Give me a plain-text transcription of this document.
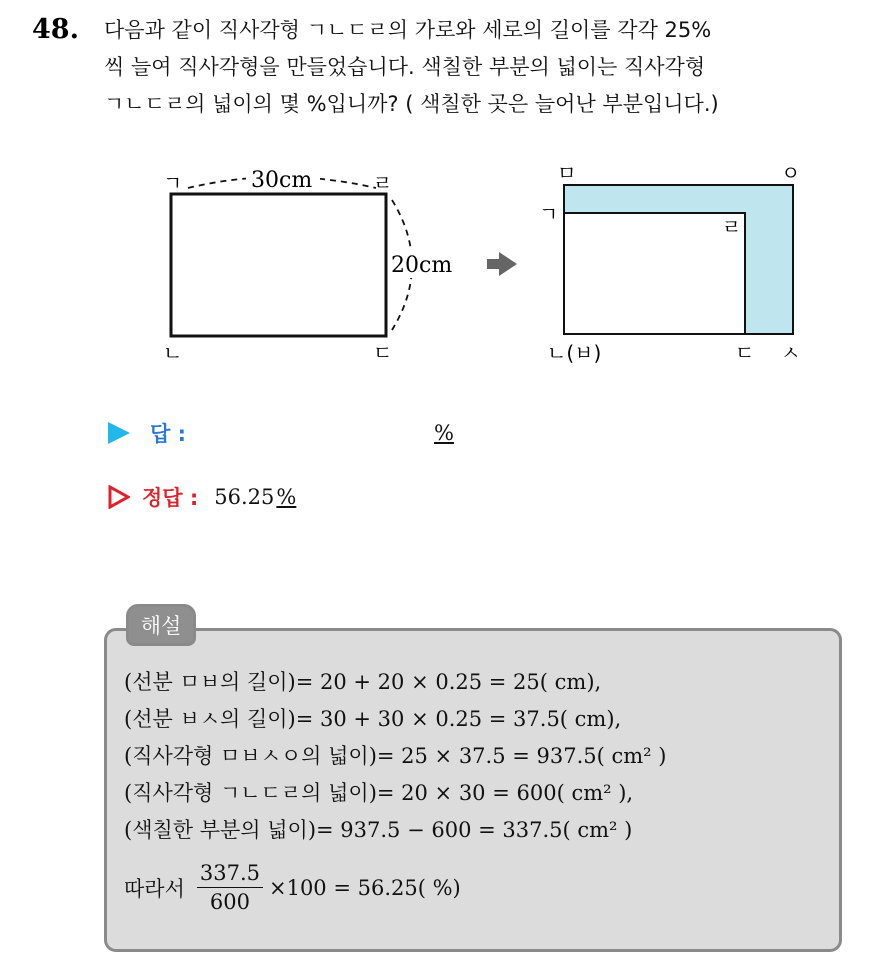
48. 다음과 같이 직사각형 ㄱㄴㄷㄹ의 가로와 세로의 길이를 각각 25%
씩 늘여 직사각형을 만들었습니다. 색칠한 부분의 넓이는 직사각형
ㄱㄴㄷㄹ의 넓이의 몇 %입니까? ( 색칠한 곳은 늘어난 부분입니다.)
30cm
20cm
ㄱ	ㄹ
ㄴ	ㄷ
ㅁ	ㅇ
ㄱ
ㄹ
ㄴ(ㅂ)	ㄷ ㅅ
답 :	%
정답 : 56.25 %
해설
(선분 ㅁㅂ의 길이)= 20 + 20 × 0.25 = 25( cm),
(선분 ㅂㅅ의 길이)= 30 + 30 × 0.25 = 37.5( cm),
(직사각형 ㅁㅂㅅㅇ의 넓이)= 25 × 37.5 = 937.5( cm² )
(직사각형 ㄱㄴㄷㄹ의 넓이)= 20 × 30 = 600( cm² ),
(색칠한 부분의 넓이)= 937.5 − 600 = 337.5( cm² )
따라서 $\frac{337.5}{600} \times 100 = 56.25$( %)
